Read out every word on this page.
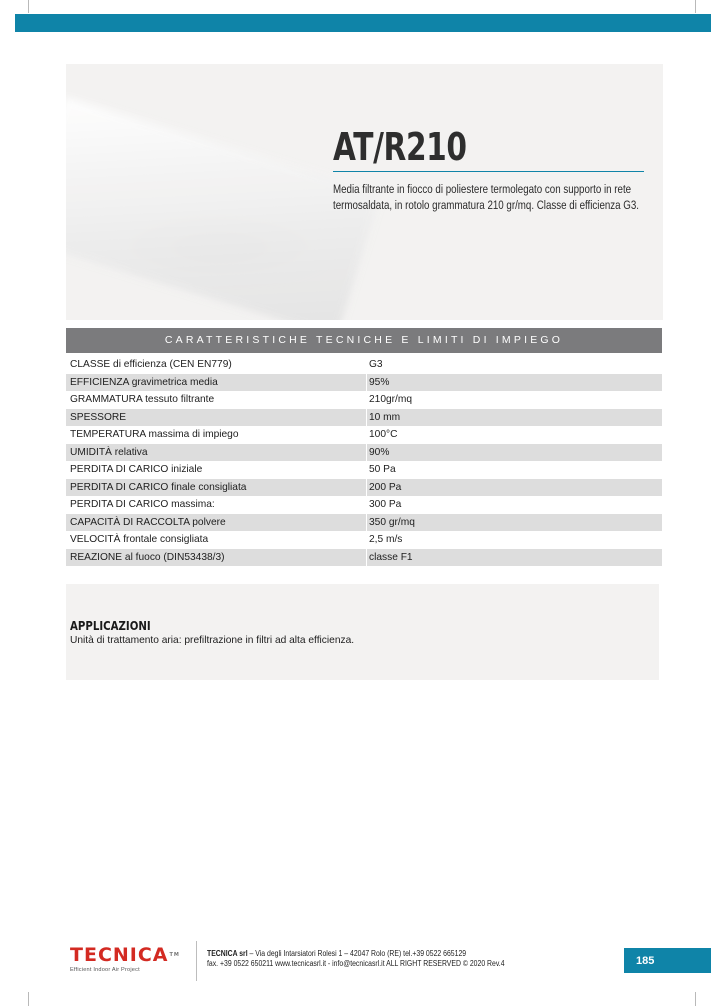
AT/R210

Media filtrante in fiocco di poliestere termolegato con supporto in rete termosaldata, in rotolo grammatura 210 gr/mq. Classe di efficienza G3.

CARATTERISTICHE TECNICHE E LIMITI DI IMPIEGO
CLASSE di efficienza (CEN EN779)		G3
EFFICIENZA gravimetrica media		95%
GRAMMATURA tessuto filtrante		210gr/mq
SPESSORE		10 mm
TEMPERATURA massima di impiego		100°C
UMIDITÀ relativa		90%
PERDITA DI CARICO iniziale		50 Pa
PERDITA DI CARICO finale consigliata		200 Pa
PERDITA DI CARICO massima:		300 Pa
CAPACITÀ DI RACCOLTA polvere		350 gr/mq
VELOCITÀ frontale consigliata		2,5 m/s
REAZIONE al fuoco (DIN53438/3)		classe F1

APPLICAZIONI

Unità di trattamento aria: prefiltrazione in filtri ad alta efficienza.

TECNICA™
Efficient Indoor Air Project
TECNICA srl – Via degli Intarsiatori Rolesi 1 – 42047 Rolo (RE) tel.+39 0522 665129
fax. +39 0522 650211 www.tecnicasrl.it - info@tecnicasrl.it ALL RIGHT RESERVED © 2020 Rev.4	185
